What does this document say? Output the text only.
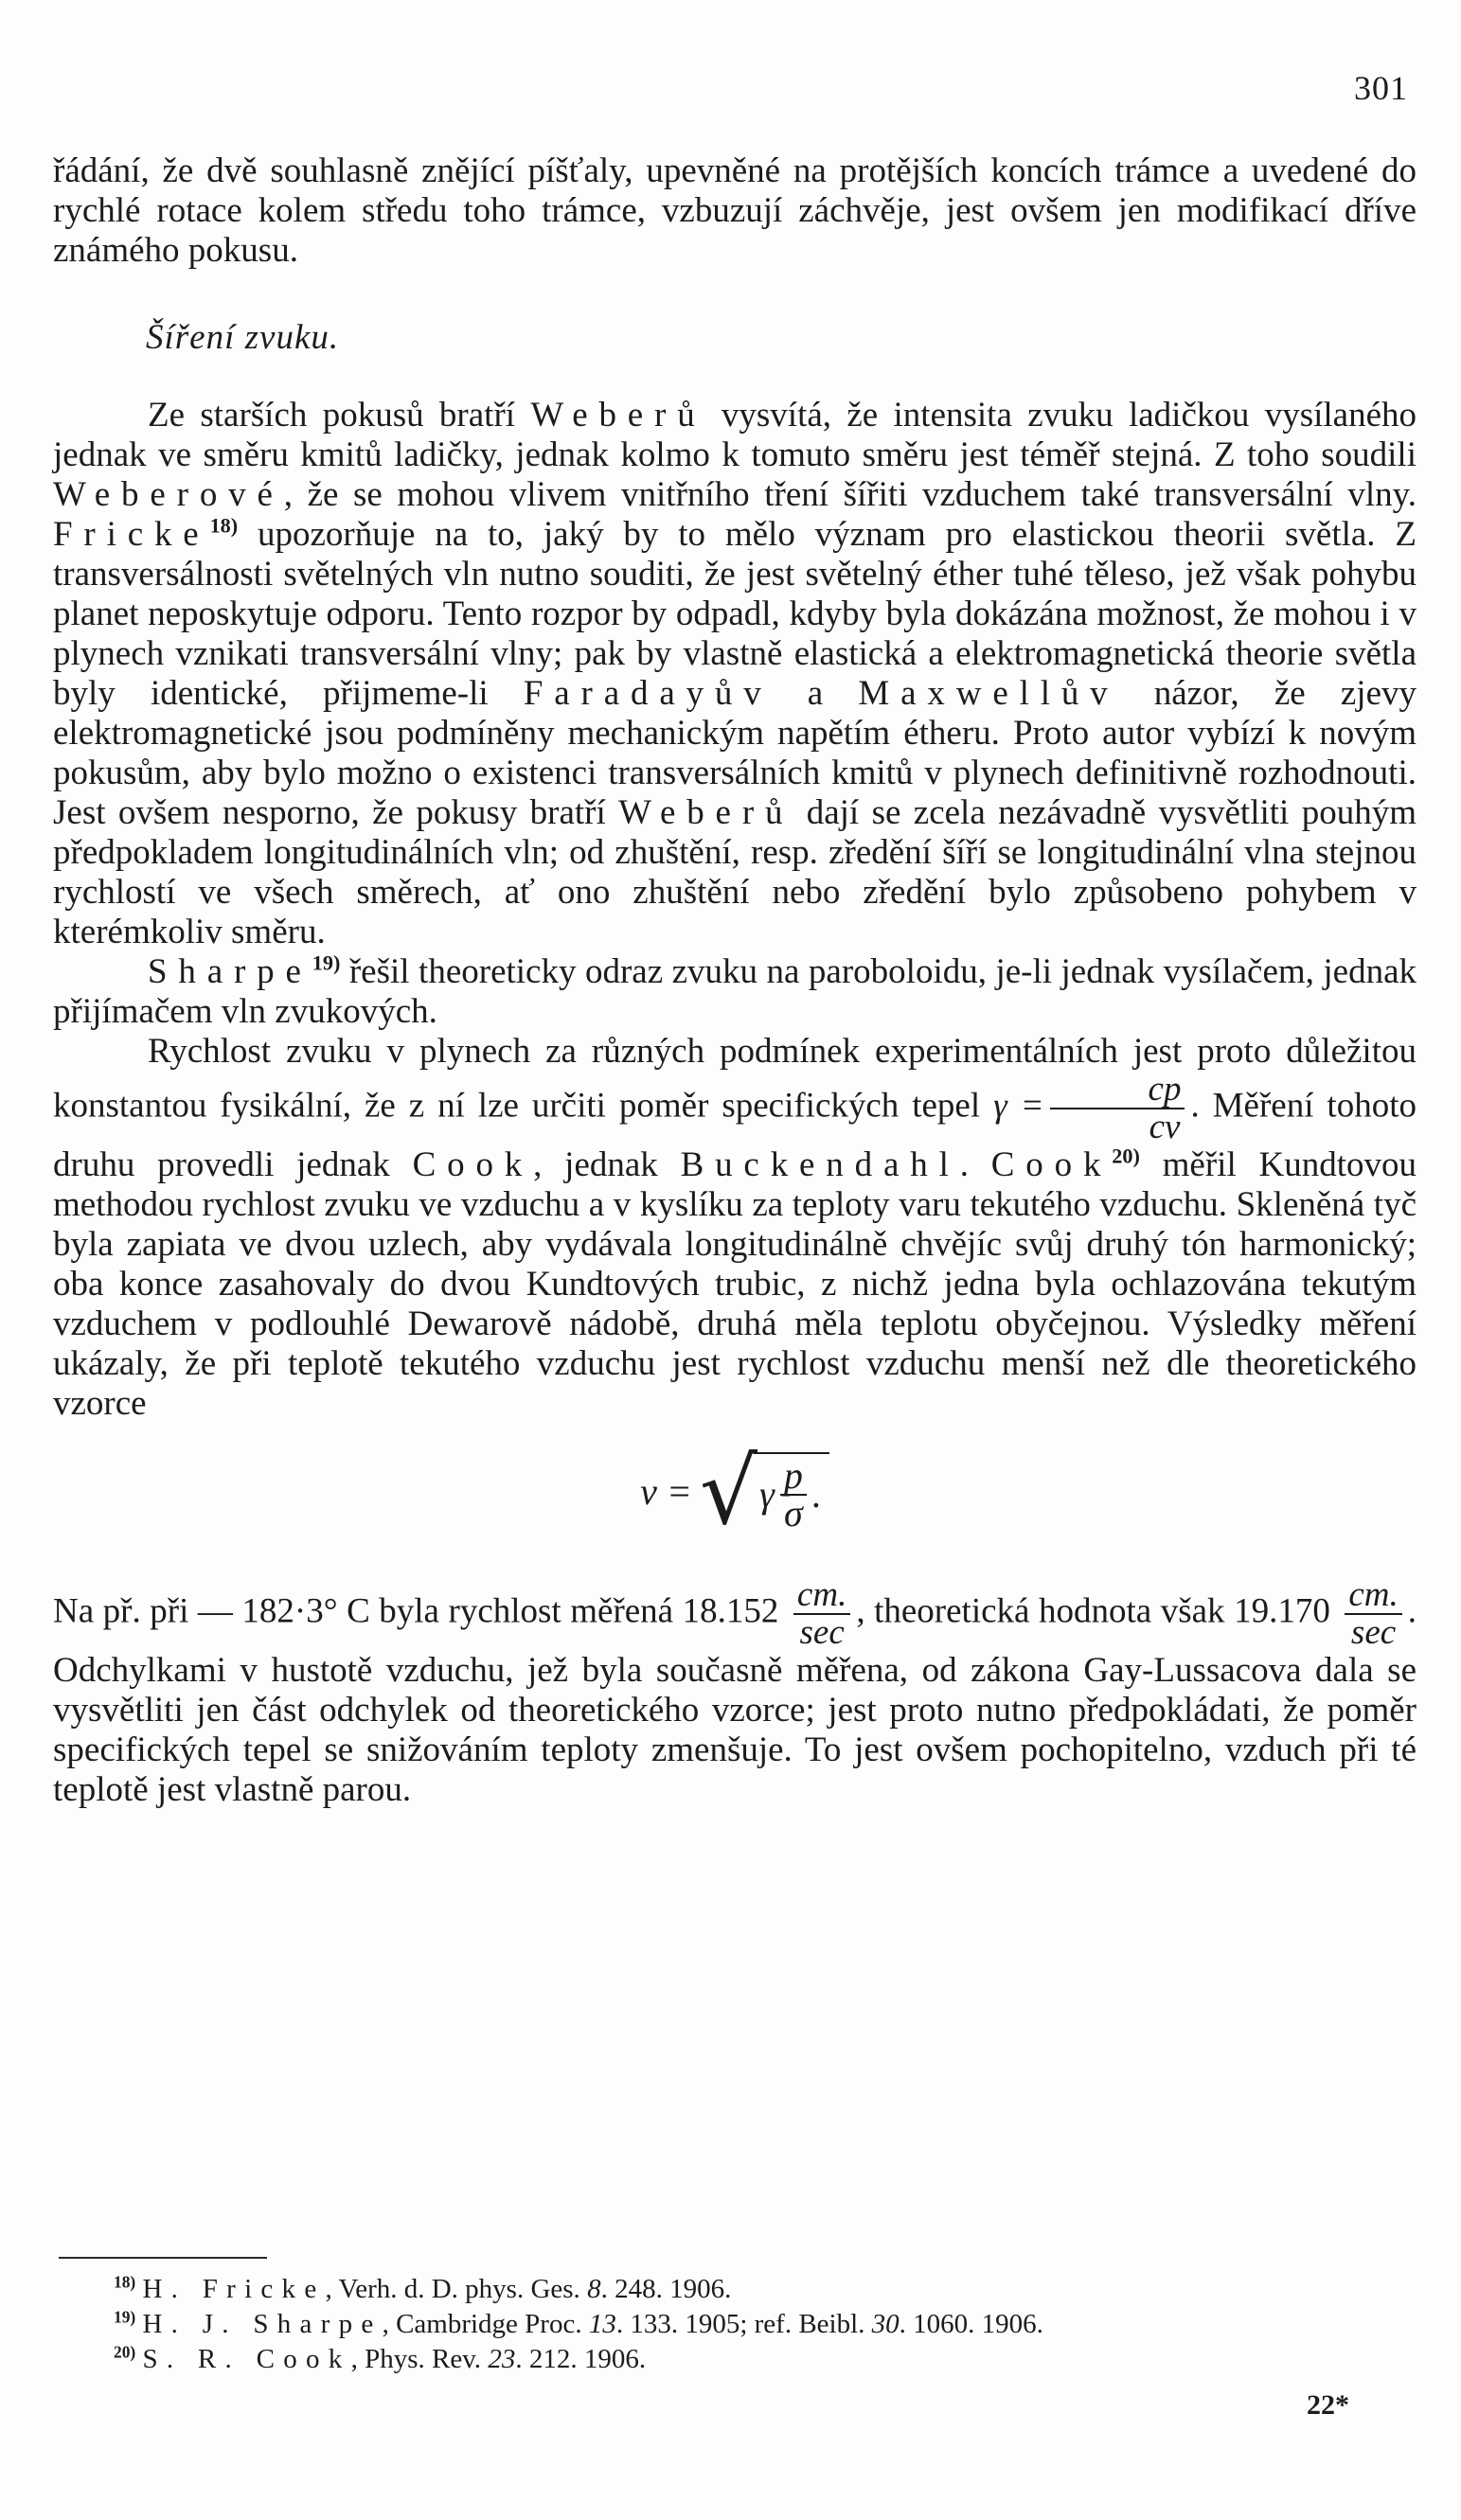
301

řádání, že dvě souhlasně znějící píšťaly, upevněné na protějších koncích trámce a uvedené do rychlé rotace kolem středu toho trámce, vzbuzují záchvěje, jest ovšem jen modifikací dříve známého pokusu.

Šíření zvuku.

Ze starších pokusů bratří Weberů vysvítá, že intensita zvuku ladičkou vysílaného jednak ve směru kmitů ladičky, jednak kolmo k tomuto směru jest téměř stejná. Z toho soudili Weberové, že se mohou vlivem vnitřního tření šířiti vzduchem také transversální vlny. Fricke$^{18)}$ upozorňuje na to, jaký by to mělo význam pro elastickou theorii světla. Z transversálnosti světelných vln nutno souditi, že jest světelný éther tuhé těleso, jež však pohybu planet neposkytuje odporu. Tento rozpor by odpadl, kdyby byla dokázána možnost, že mohou i v plynech vznikati transversální vlny; pak by vlastně elastická a elektromagnetická theorie světla byly identické, přijmeme-li Faradayův a Maxwellův názor, že zjevy elektromagnetické jsou podmíněny mechanickým napětím étheru. Proto autor vybízí k novým pokusům, aby bylo možno o existenci transversálních kmitů v plynech definitivně rozhodnouti. Jest ovšem nesporno, že pokusy bratří Weberů dají se zcela nezávadně vysvětliti pouhým předpokladem longitudinálních vln; od zhuštění, resp. zředění šíří se longitudinální vlna stejnou rychlostí ve všech směrech, ať ono zhuštění nebo zředění bylo způsobeno pohybem v kterémkoliv směru.

Sharpe$^{19)}$ řešil theoreticky odraz zvuku na paroboloidu, je-li jednak vysílačem, jednak přijímačem vln zvukových.

Rychlost zvuku v plynech za různých podmínek experimentálních jest proto důležitou konstantou fysikální, že z ní lze určiti poměr specifických tepel $\gamma = \frac{cp}{cv}$ . Měření tohoto druhu provedli jednak Cook, jednak Buckendahl. Cook$^{20)}$ měřil Kundtovou methodou rychlost zvuku ve vzduchu a v kyslíku za teploty varu tekutého vzduchu. Skleněná tyč byla zapiata ve dvou uzlech, aby vydávala longitudinálně chvějíc svůj druhý tón harmonický; oba konce zasahovaly do dvou Kundtových trubic, z nichž jedna byla ochlazována tekutým vzduchem v podlouhlé Dewarově nádobě, druhá měla teplotu obyčejnou. Výsledky měření ukázaly, že při teplotě tekutého vzduchu jest rychlost vzduchu menší než dle theoretického vzorce

v = √ γ $\frac{p}{\sigma}$ .

Na př. při — 182·3° C byla rychlost měřená $18.152 \frac{cm.}{\sec}$ , theoretická hodnota však $19.170 \frac{cm.}{\sec}$ . Odchylkami v hustotě vzduchu, jež byla současně měřena, od zákona Gay-Lussacova dala se vysvětliti jen část odchylek od theoretického vzorce; jest proto nutno předpokládati, že poměr specifických tepel se snižováním teploty zmenšuje. To jest ovšem pochopitelno, vzduch při té teplotě jest vlastně parou.

$^{18)}$ H. Fricke, Verh. d. D. phys. Ges. 8. 248. 1906.

$^{19)}$ H. J. Sharpe, Cambridge Proc. 13. 133. 1905; ref. Beibl. 30. 1060. 1906.

$^{20)}$ S. R. Cook, Phys. Rev. 23. 212. 1906.

22*
